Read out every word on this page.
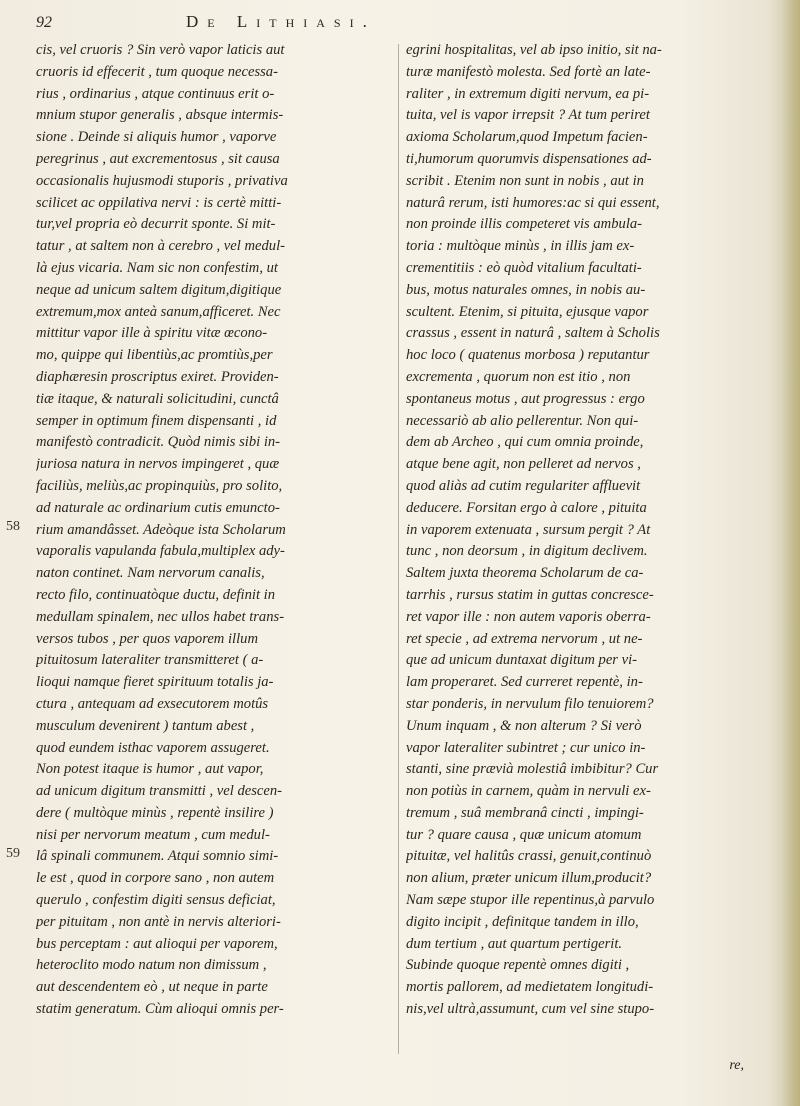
92	De Lithiasi.
cis, vel cruoris ? Sin verò vapor laticis aut
cruoris id effecerit , tum quoque necessa-
rius , ordinarius , atque continuus erit o-
mnium stupor generalis , absque intermis-
sione . Deinde si aliquis humor , vaporve
peregrinus , aut excrementosus , sit causa
occasionalis hujusmodi stuporis , privativa
scilicet ac oppilativa nervi : is certè mitti-
tur,vel propria eò decurrit sponte. Si mit-
tatur , at saltem non à cerebro , vel medul-
là ejus vicaria. Nam sic non confestim, ut
neque ad unicum saltem digitum,digitique
extremum,mox anteà sanum,afficeret. Nec
mittitur vapor ille à spiritu vitæ œcono-
mo, quippe qui libentiùs,ac promtiùs,per
diaphæresin proscriptus exiret. Providen-
tiæ itaque, & naturali solicitudini, cunctâ
semper in optimum finem dispensanti , id
manifestò contradicit. Quòd nimis sibi in-
juriosa natura in nervos impingeret , quæ
faciliùs, meliùs,ac propinquiùs, pro solito,
ad naturale ac ordinarium cutis emuncto-
rium amandâsset. Adeòque ista Scholarum
vaporalis vapulanda fabula,multiplex ady-
naton continet. Nam nervorum canalis,
recto filo, continuatòque ductu, definit in
medullam spinalem, nec ullos habet trans-
versos tubos , per quos vaporem illum
pituitosum lateraliter transmitteret ( a-
lioqui namque fieret spirituum totalis ja-
ctura , antequam ad exsecutorem motûs
musculum devenirent ) tantum abest ,
quod eundem isthac vaporem assugeret.
Non potest itaque is humor , aut vapor,
ad unicum digitum transmitti , vel descen-
dere ( multòque minùs , repentè insilire )
nisi per nervorum meatum , cum medul-
lâ spinali communem. Atqui somnio simi-
le est , quod in corpore sano , non autem
querulo , confestim digiti sensus deficiat,
per pituitam , non antè in nervis alteriori-
bus perceptam : aut alioqui per vaporem,
heteroclito modo natum non dimissum ,
aut descendentem eò , ut neque in parte
statim generatum. Cùm alioqui omnis per-
egrini hospitalitas, vel ab ipso initio, sit na-
turæ manifestò molesta. Sed fortè an late-
raliter , in extremum digiti nervum, ea pi-
tuita, vel is vapor irrepsit ? At tum periret
axioma Scholarum,quod Impetum facien-
ti,humorum quorumvis dispensationes ad-
scribit . Etenim non sunt in nobis , aut in
naturâ rerum, isti humores:ac si qui essent,
non proinde illis competeret vis ambula-
toria : multòque minùs , in illis jam ex-
crementitiis : eò quòd vitalium facultati-
bus, motus naturales omnes, in nobis au-
scultent. Etenim, si pituita, ejusque vapor
crassus , essent in naturâ , saltem à Scholis
hoc loco ( quatenus morbosa ) reputantur
excrementa , quorum non est itio , non
spontaneus motus , aut progressus : ergo
necessariò ab alio pellerentur. Non qui-
dem ab Archeo , qui cum omnia proinde,
atque bene agit, non pelleret ad nervos ,
quod aliàs ad cutim regulariter affluevit
deducere. Forsitan ergo à calore , pituita
in vaporem extenuata , sursum pergit ? At
tunc , non deorsum , in digitum declivem.
Saltem juxta theorema Scholarum de ca-
tarrhis , rursus statim in guttas concresce-
ret vapor ille : non autem vaporis oberra-
ret specie , ad extrema nervorum , ut ne-
que ad unicum duntaxat digitum per vi-
lam properaret. Sed curreret repentè, in-
star ponderis, in nervulum filo tenuiorem?
Unum inquam , & non alterum ? Si verò
vapor lateraliter subintret ; cur unico in-
stanti, sine prævià molestiâ imbibitur? Cur
non potiùs in carnem, quàm in nervuli ex-
tremum , suâ membranâ cincti , impingi-
tur ? quare causa , quæ unicum atomum
pituitæ, vel halitûs crassi, genuit,continuò
non alium, præter unicum illum,producit?
Nam sæpe stupor ille repentinus,à parvulo
digito incipit , definitque tandem in illo,
dum tertium , aut quartum pertigerit.
Subinde quoque repentè omnes digiti ,
mortis pallorem, ad medietatem longitudi-
nis,vel ultrà,assumunt, cum vel sine stupo-
58
59
re,
